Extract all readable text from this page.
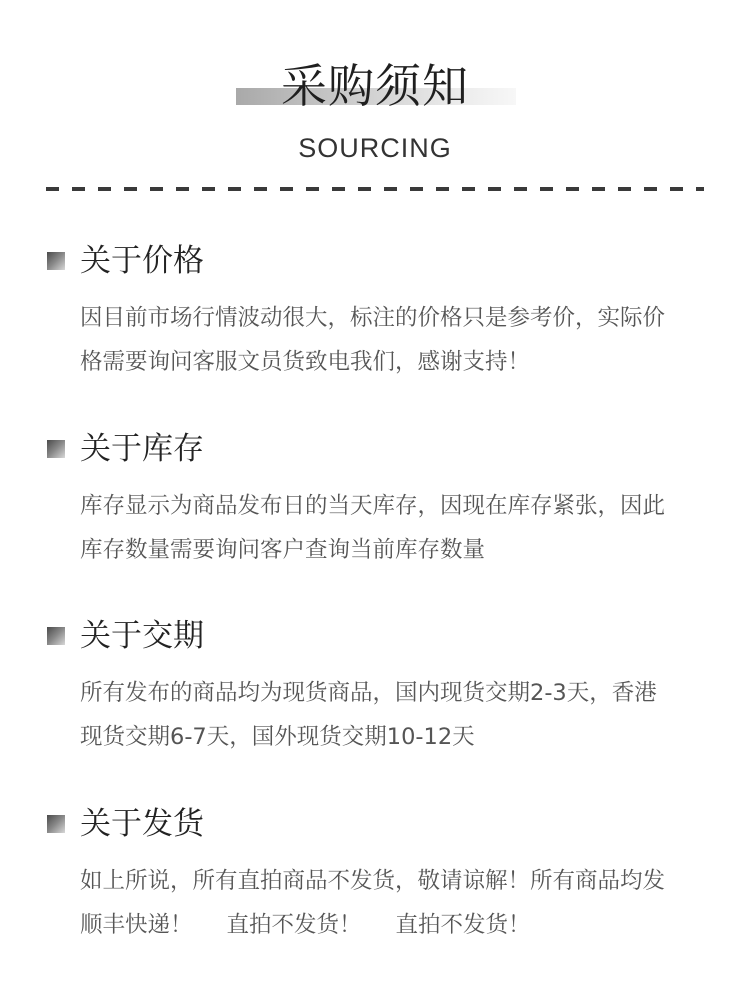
采购须知
SOURCING
关于价格
因目前市场行情波动很大，标注的价格只是参考价，实际价
格需要询问客服文员货致电我们，感谢支持！
关于库存
库存显示为商品发布日的当天库存，因现在库存紧张，因此
库存数量需要询问客户查询当前库存数量
关于交期
所有发布的商品均为现货商品，国内现货交期2-3天，香港
现货交期6-7天，国外现货交期10-12天
关于发货
如上所说，所有直拍商品不发货，敬请谅解！所有商品均发
顺丰快递！ 直拍不发货！ 直拍不发货！
